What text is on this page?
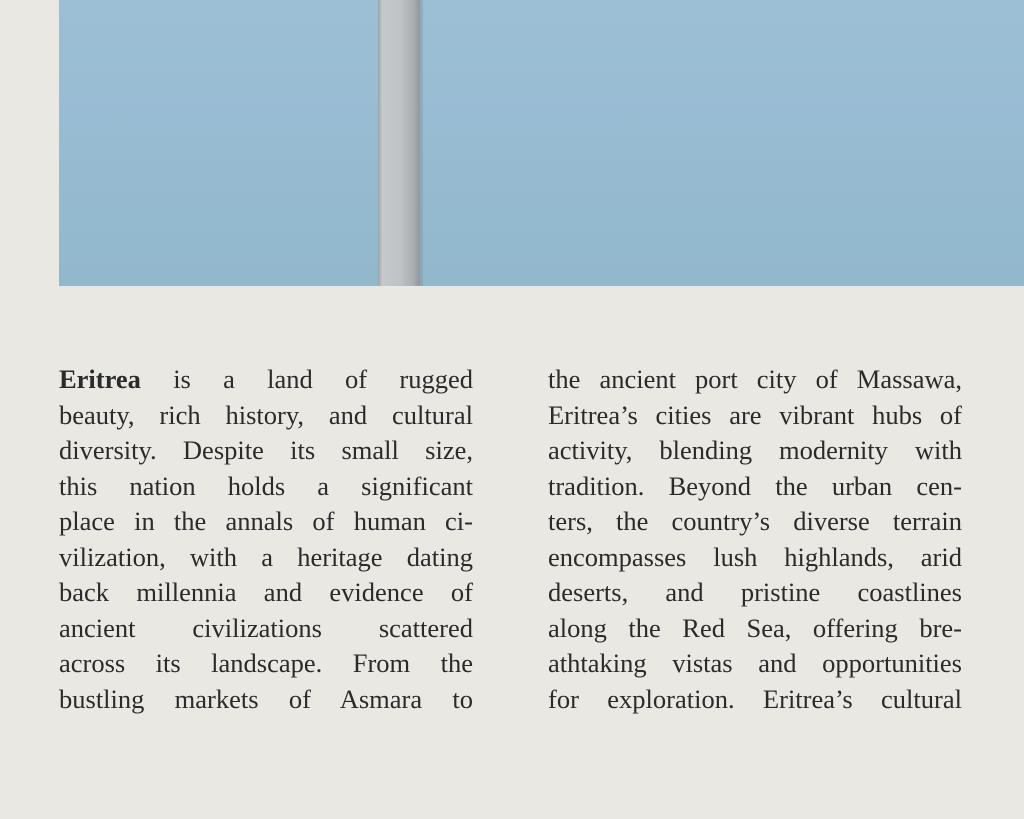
Eritrea is a land of rugged
beauty, rich history, and cultural
diversity. Despite its small size,
this nation holds a significant
place in the annals of human ci -
vilization, with a heritage dating
back millennia and evidence of
ancient civilizations scattered
across its landscape. From the
bustling markets of Asmara to
the ancient port city of Massawa,
Eritrea’s cities are vibrant hubs of
activity, blending modernity with
tradition. Beyond the urban cen -
ters, the country’s diverse terrain
encompasses lush highlands, arid
deserts, and pristine coastlines
along the Red Sea, offering bre -
athtaking vistas and opportunities
for exploration. Eritrea’s cultural
